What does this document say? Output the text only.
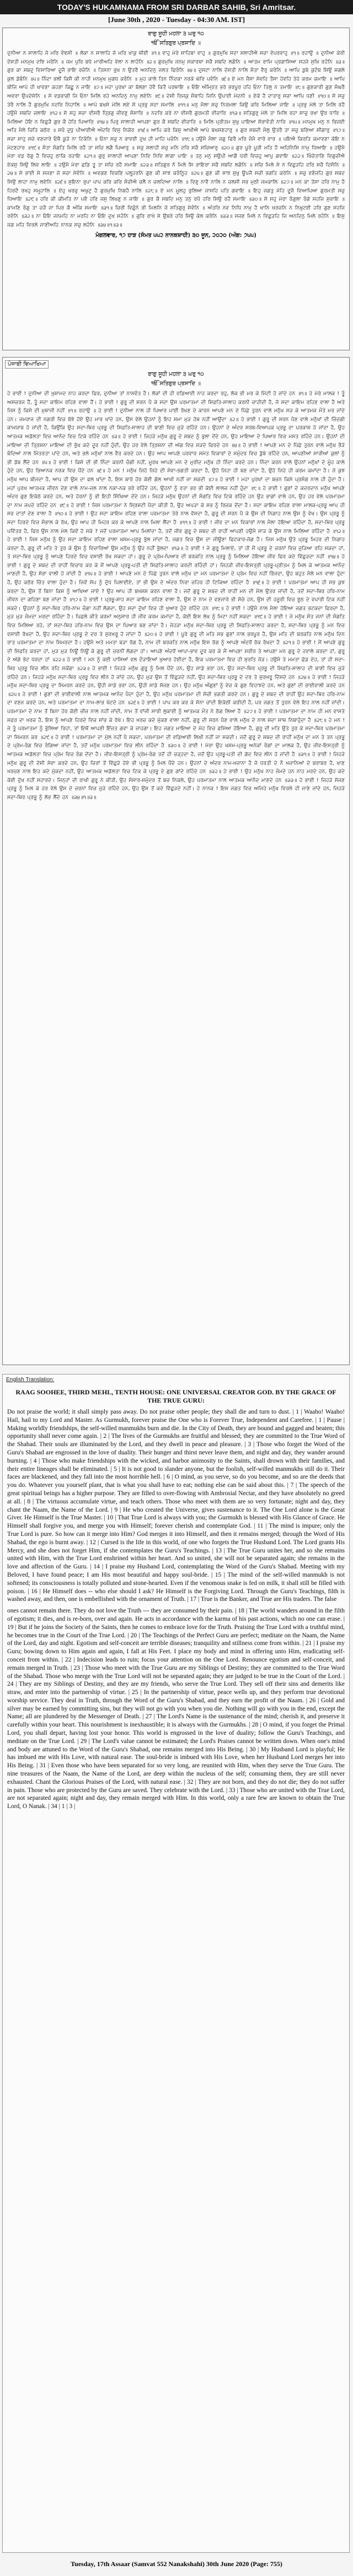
TODAY'S HUKAMNAMA FROM SRI DARBAR SAHIB, Sri Amritsar.
[June 30th , 2020 - Tuesday - 04:30 AM. IST]
ਰਾਗੁ ਸੂਹੀ ਮਹਲਾ ੩ ਘਰੁ ੧੦
ੴ ਸਤਿਗੁਰ ਪ੍ਰਸਾਦਿ ॥
ਦੁਨੀਆ ਨ ਸਾਲਾਹਿ ਜੋ ਮਰਿ ਵੰਞਸੀ ॥ ਲੋਕਾ ਨ ਸਾਲਾਹਿ ਜੋ ਮਰਿ ਖਾਕੁ ਥੀਈ ॥੧॥ ਵਾਹੁ ਮੇਰੇ ਸਾਹਿਬਾ ਵਾਹੁ ॥ ਗੁਰਮੁਖਿ ਸਦਾ ਸਲਾਹੀਐ ਸਚਾ ਵੇਪਰਵਾਹੁ ॥੧॥ ਰਹਾਉ ॥ ਦੁਨੀਆ ਕੇਰੀ ਦੋਸਤੀ ਮਨਮੁਖ ਦਝਿ ਮਰੰਨਿ ॥ ਜਮ ਪੁਰਿ ਬਧੇ ਮਾਰੀਅਹਿ ਵੇਲਾ ਨ ਲਾਹੰਨਿ ॥੨॥ ਗੁਰਮੁਖਿ ਜਨਮੁ ਸਕਾਰਥਾ ਸਚੈ ਸਬਦਿ ਲਗੰਨਿ ॥ ਆਤਮ ਰਾਮਿ ਪ੍ਰਗਾਸਿਆ ਸਹਜੇ ਸੁਖਿ ਰਹੰਨਿ ॥੩॥ ਗੁਰ ਕਾ ਸਬਦੁ ਵਿਸਾਰਿਆ ਦੂਜੈ ਭਾਇ ਰਚੰਨਿ ॥ ਤਿਸਨਾ ਭੁਖ ਨ ਉਤਰੈ ਅਨਦਿਨੁ ਜਲਤ ਫਿਰੰਨਿ ॥੪॥ ਦੁਸਟਾ ਨਾਲਿ ਦੋਸਤੀ ਨਾਲਿ ਸੰਤਾ ਵੈਰੁ ਕਰੰਨਿ ॥ ਆਪਿ ਡੁਬੇ ਕੁਟੰਬ ਸਿਉ ਸਗਲੇ ਕੁਲ ਡੋਬੰਨਿ ॥੫॥ ਨਿੰਦਾ ਭਲੀ ਕਿਸੈ ਕੀ ਨਾਹੀ ਮਨਮੁਖ ਮੁਗਧ ਕਰੰਨਿ ॥ ਮੁਹ ਕਾਲੇ ਤਿਨ ਨਿੰਦਕਾ ਨਰਕੇ ਘੋਰਿ ਪਵੰਨਿ ॥੬॥ ਏ ਮਨ ਜੈਸਾ ਸੇਵਹਿ ਤੈਸਾ ਹੋਵਹਿ ਤੇਹੇ ਕਰਮ ਕਮਾਇ ॥ ਆਪਿ ਬੀਜਿ ਆਪੇ ਹੀ ਖਾਵਣਾ ਕਹਣਾ ਕਿਛੂ ਨ ਜਾਇ ॥੭॥ ਮਹਾ ਪੁਰਖਾ ਕਾ ਬੋਲਣਾ ਹੋਵੈ ਕਿਤੈ ਪਰਥਾਇ ॥ ਓਇ ਅੰਮ੍ਰਿਤ ਭਰੇ ਭਰਪੂਰ ਹਹਿ ਓਨਾ ਤਿਲੁ ਨ ਤਮਾਇ ॥੮॥ ਗੁਣਕਾਰੀ ਗੁਣ ਸੰਘਰੈ ਅਵਰਾ ਉਪਦੇਸੇਨਿ ॥ ਸੇ ਵਡਭਾਗੀ ਜਿ ਓਨਾ ਮਿਲਿ ਰਹੇ ਅਨਦਿਨੁ ਨਾਮੁ ਲਏਨਿ ॥੯॥ ਦੇਸੀ ਰਿਜਕੁ ਸੰਬਾਹਿ ਜਿਨਿ ਉਪਾਈ ਮੇਦਨੀ ॥ ਏਕੋ ਹੈ ਦਾਤਾਰੁ ਸਚਾ ਆਪਿ ਧਣੀ ॥੧੦॥ ਸੋ ਸਚੁ ਤੇਰੈ ਨਾਲਿ ਹੈ ਗੁਰਮੁਖਿ ਨਦਰਿ ਨਿਹਾਲਿ ॥ ਆਪੇ ਬਖਸੇ ਮੇਲਿ ਲਏ ਸੋ ਪ੍ਰਭੁ ਸਦਾ ਸਮਾਲਿ ॥੧੧॥ ਮਨੁ ਮੈਲਾ ਸਚੁ ਨਿਰਮਲਾ ਕਿਉ ਕਰਿ ਮਿਲਿਆ ਜਾਇ ॥ ਪ੍ਰਭੁ ਮੇਲੇ ਤਾ ਮਿਲਿ ਰਹੈ ਹਉਮੈ ਸਬਦਿ ਜਲਾਇ ॥੧੨॥ ਸੋ ਸਹੁ ਸਚਾ ਵੀਸਰੈ ਧ੍ਰਿਗੁ ਜੀਵਣੁ ਸੰਸਾਰਿ ॥ ਨਦਰਿ ਕਰੇ ਨਾ ਵੀਸਰੈ ਗੁਰਮਤੀ ਵੀਚਾਰਿ ॥੧੩॥ ਸਤਿਗੁਰੁ ਮੇਲੇ ਤਾ ਮਿਲਿ ਰਹਾ ਸਾਚੁ ਰਖਾ ਉਰ ਧਾਰਿ ॥ ਮਿਲਿਆ ਹੋਇ ਨ ਵਿਛੁੜੈ ਗੁਰ ਕੈ ਹੇਤਿ ਪਿਆਰਿ ॥੧੪॥ ਪਿਰੁ ਸਾਲਾਹੀ ਆਪਣਾ ਗੁਰ ਕੈ ਸਬਦਿ ਵੀਚਾਰਿ ॥ ਮਿਲਿ ਪ੍ਰੀਤਮ ਸੁਖੁ ਪਾਇਆ ਸੋਭਾਵੰਤੀ ਨਾਰਿ ॥੧੫॥ ਮਨਮੁਖ ਮਨੁ ਨ ਭਿਜਈ ਅਤਿ ਮੈਲੇ ਚਿਤਿ ਕਠੋਰ ॥ ਸਪੈ ਦੁਧੁ ਪੀਆਈਐ ਅੰਦਰਿ ਵਿਸੁ ਨਿਕੋਰ ॥੧੬॥ ਆਪਿ ਕਰੇ ਕਿਸੁ ਆਖੀਐ ਆਪੇ ਬਖਸਣਹਾਰੁ ॥ ਗੁਰ ਸਬਦੀ ਮੈਲੁ ਉਤਰੈ ਤਾ ਸਚੁ ਬਣਿਆ ਸੀਗਾਰੁ ॥੧੭॥ ਸਚਾ ਸਾਹੁ ਸਚੇ ਵਣਜਾਰੇ ਓਥੈ ਕੂੜੇ ਨਾ ਟਿਕੰਨਿ ॥ ਓਨਾ ਸਚੁ ਨ ਭਾਵਈ ਦੁਖ ਹੀ ਮਾਹਿ ਪਚੰਨਿ ॥੧੮॥ ਹਉਮੈ ਮੈਲਾ ਜਗੁ ਫਿਰੈ ਮਰਿ ਜੰਮੈ ਵਾਰੋ ਵਾਰ ॥ ਪਇਐ ਕਿਰਤਿ ਕਮਾਵਣਾ ਕੋਇ ਨ ਮੇਟਣਹਾਰ ॥੧੯॥ ਸੰਤਾ ਸੰਗਤਿ ਮਿਲਿ ਰਹੈ ਤਾ ਸਚਿ ਲਗੈ ਪਿਆਰੁ ॥ ਸਚੁ ਸਲਾਹੀ ਸਚੁ ਮਨਿ ਦਰਿ ਸਚੈ ਸਚਿਆਰੁ ॥੨੦॥ ਗੁਰ ਪੂਰੇ ਪੂਰੀ ਮਤਿ ਹੈ ਅਹਿਨਿਸਿ ਨਾਮੁ ਧਿਆਇ ॥ ਹਉਮੈ ਮੇਰਾ ਵਡ ਰੋਗੁ ਹੈ ਵਿਚਹੁ ਠਾਕਿ ਰਹਾਇ ॥੨੧॥ ਗੁਰੁ ਸਾਲਾਹੀ ਆਪਣਾ ਨਿਵਿ ਨਿਵਿ ਲਾਗਾ ਪਾਇ ॥ ਤਨੁ ਮਨੁ ਸਉਪੀ ਆਗੈ ਧਰੀ ਵਿਚਹੁ ਆਪੁ ਗਵਾਇ ॥੨੨॥ ਖਿੰਚੋਤਾਣਿ ਵਿਗੁਚੀਐ ਏਕਸੁ ਸਿਉ ਲਿਵ ਲਾਇ ॥ ਹਉਮੈ ਮੇਰਾ ਛਡਿ ਤੂ ਤਾ ਸਚਿ ਰਹੈ ਸਮਾਇ ॥੨੩॥ ਸਤਿਗੁਰ ਨੋ ਮਿਲੇ ਸਿ ਭਾਇਰਾ ਸਚੈ ਸਬਦਿ ਲਗੰਨਿ ॥ ਸਚਿ ਮਿਲੇ ਸੇ ਨ ਵਿਛੁੜਹਿ ਦਰਿ ਸਚੈ ਦਿਸੰਨਿ ॥੨੪॥ ਸੇ ਭਾਈ ਸੇ ਸਜਣਾ ਜੋ ਸਚਾ ਸੇਵੰਨਿ ॥ ਅਵਗਣ ਵਿਕਣਿ ਪਲ੍ਹ੍ਹਰਨਿ ਗੁਣ ਕੀ ਸਾਝ ਕਰੰਨ੍ਹ੍ਹਿ ॥੨੫॥ ਗੁਣ ਕੀ ਸਾਝ ਸੁਖੁ ਊਪਜੈ ਸਚੀ ਭਗਤਿ ਕਰੇਨਿ ॥ ਸਚੁ ਵਣੰਜਹਿ ਗੁਰ ਸਬਦ ਸਿਉ ਲਾਹਾ ਨਾਮੁ ਲਏਨਿ ॥੨੬॥ ਸੁਇਨਾ ਰੁਪਾ ਪਾਪ ਕਰਿ ਕਰਿ ਸੰਚੀਐ ਚਲੈ ਨ ਚਲਦਿਆ ਨਾਲਿ ॥ ਵਿਣੁ ਨਾਵੈ ਨਾਲਿ ਨ ਚਲਸੀ ਸਭ ਮੁਠੀ ਜਮਕਾਲਿ ॥੨੭॥ ਮਨ ਕਾ ਤੋਸਾ ਹਰਿ ਨਾਮੁ ਹੈ ਹਿਰਦੈ ਰਖਹੁ ਸਮ੍ਹ੍ਹਾਲਿ ॥ ਏਹੁ ਖਰਚੁ ਅਖੁਟੁ ਹੈ ਗੁਰਮੁਖਿ ਨਿਬਹੈ ਨਾਲਿ ॥੨੮॥ ਏ ਮਨ ਮੂਲਹੁ ਭੁਲਿਆ ਜਾਸਹਿ ਪਤਿ ਗਵਾਇ ॥ ਇਹੁ ਜਗਤੁ ਮੋਹਿ ਦੂਜੈ ਵਿਆਪਿਆ ਗੁਰਮਤੀ ਸਚੁ ਧਿਆਇ ॥੨੯॥ ਹਰਿ ਕੀ ਕੀਮਤਿ ਨਾ ਪਵੈ ਹਰਿ ਜਸੁ ਲਿਖਣੁ ਨ ਜਾਇ ॥ ਗੁਰ ਕੈ ਸਬਦਿ ਮਨੁ ਤਨੁ ਰਪੈ ਹਰਿ ਸਿਉ ਰਹੈ ਸਮਾਇ ॥੩੦॥ ਸੋ ਸਹੁ ਮੇਰਾ ਰੰਗੁਲਾ ਰੰਗੇ ਸਹਜਿ ਸੁਭਾਇ ॥ ਕਾਮਣਿ ਰੰਗੁ ਤਾ ਚੜੈ ਜਾ ਪਿਰ ਕੈ ਅੰਕਿ ਸਮਾਇ ॥੩੧॥ ਚਿਰੀ ਵਿਛੁੰਨੇ ਭੀ ਮਿਲਨਿ ਜੋ ਸਤਿਗੁਰੁ ਸੇਵੰਨਿ ॥ ਅੰਤਰਿ ਨਵ ਨਿਧਿ ਨਾਮੁ ਹੈ ਖਾਨਿ ਖਰਚਨਿ ਨ ਨਿਖੁਟਈ ਹਰਿ ਗੁਣ ਸਹਜਿ ਰਵੰਨਿ ॥੩੨॥ ਨਾ ਓਇ ਜਨਮਹਿ ਨਾ ਮਰਹਿ ਨਾ ਓਇ ਦੁਖ ਸਹੰਨਿ ॥ ਗੁਰਿ ਰਾਖੇ ਸੇ ਉਬਰੇ ਹਰਿ ਸਿਉ ਕੇਲ ਕਰੰਨਿ ॥੩੩॥ ਸਜਣ ਮਿਲੇ ਨ ਵਿਛੁੜਹਿ ਜਿ ਅਨਦਿਨੁ ਮਿਲੇ ਰਹੰਨਿ ॥ ਇਸੁ ਜਗ ਮਹਿ ਵਿਰਲੇ ਜਾਣੀਅਹਿ ਨਾਨਕ ਸਚੁ ਲਹੰਨਿ ॥੩੪॥੧॥੩॥
ਮੰਗਲਵਾਰ, ੧੭ ਹਾੜ (ਸੰਮਤ ੫੫੨ ਨਾਨਕਸ਼ਾਹੀ) ੩੦ ਜੂਨ, ੨੦੨੦ (ਅੰਗ: ੭੫੫)
ਪੰਜਾਬੀ ਵਿਆਖਿਆ
ਰਾਗੁ ਸੂਹੀ ਮਹਲਾ ੩ ਘਰੁ ੧੦
ੴ ਸਤਿਗੁਰ ਪ੍ਰਸਾਦਿ ॥
ਹੇ ਭਾਈ ! ਦੁਨੀਆ ਦੀ ਖ਼ੁਸ਼ਾਮਦ ਨਾਹ ਕਰਦਾ ਫਿਰ, ਦੁਨੀਆ ਤਾਂ ਨਾਸਵੰਤ ਹੈ। ਲੋਕਾਂ ਦੀ ਹੀ ਵਡਿਆਈ ਨਾਹ ਕਰਦਾ ਰਹੁ, ਲੋਕ ਭੀ ਮਰ ਕੇ ਮਿੱਟੀ ਹੋ ਜਾਂਦੇ ਹਨ ॥੧॥ ਹੇ ਮੇਰੇ ਮਾਲਕ ! ਤੂੰ ਅਸਚਰਜ ਹੈਂ, ਤੂੰ ਸਦਾ ਕਾਇਮ ਰਹਿਣ ਵਾਲਾ ਹੈਂ। ਹੇ ਭਾਈ ! ਗੁਰੂ ਦੀ ਸਰਨ ਪੈ ਕੇ ਸਦਾ ਉਸ ਪਰਮਾਤਮਾ ਦੀ ਸਿਫ਼ਤਿ-ਸਾਲਾਹ ਕਰਨੀ ਚਾਹੀਦੀ ਹੈ, ਜੋ ਸਦਾ ਕਾਇਮ ਰਹਿਣ ਵਾਲਾ ਹੈ ਅਤੇ ਜਿਸ ਨੂੰ ਕਿਸੇ ਦੀ ਮੁਥਾਜੀ ਨਹੀਂ ॥੧॥ ਰਹਾਉ ॥ ਹੇ ਭਾਈ ! ਦੁਨੀਆ ਨਾਲ ਹੀ ਪਿਆਰ ਪਾਈ ਰੱਖਣ ਦੇ ਕਾਰਨ ਆਪਣੇ ਮਨ ਦੇ ਪਿੱਛੇ ਤੁਰਨ ਵਾਲੇ ਮਨੁੱਖ ਸੜ ਕੇ ਆਤਮਕ ਮੌਤੇ ਮਰ ਜਾਂਦੇ ਹਨ। ਜਮਰਾਜ ਦੀ ਨਗਰੀ ਵਿਚ ਬੱਝੇ ਹੋਏ ਉਹ ਮਾਰ ਖਾਂਦੇ ਹਨ, ਉਸ ਵੇਲੇ ਉਹਨਾਂ ਨੂੰ ਇਹ ਸਮਾ ਮੁੜ ਹੱਥ ਨਹੀਂ ਆਉਂਦਾ ॥੨॥ ਹੇ ਭਾਈ ! ਗੁਰੂ ਦੀ ਸਰਨ ਪੈਣ ਵਾਲੇ ਮਨੁੱਖਾਂ ਦੀ ਜ਼ਿੰਦਗੀ ਕਾਮਯਾਬ ਹੋ ਜਾਂਦੀ ਹੈ, ਕਿਉਂਕਿ ਉਹ ਸਦਾ-ਥਿਰ ਪ੍ਰਭੂ ਦੀ ਸਿਫ਼ਤਿ-ਸਾਲਾਹ ਦੀ ਬਾਣੀ ਵਿਚ ਜੁੜੇ ਰਹਿੰਦੇ ਹਨ। ਉਹਨਾਂ ਦੇ ਅੰਦਰ ਸਰਬ-ਵਿਆਪਕ ਪ੍ਰਭੂ ਦਾ ਪਰਕਾਸ਼ ਹੋ ਜਾਂਦਾ ਹੈ, ਉਹ ਆਤਮਕ ਅਡੋਲਤਾ ਵਿਚ ਆਨੰਦ ਵਿਚ ਟਿਕੇ ਰਹਿੰਦੇ ਹਨ ॥੩॥ ਹੇ ਭਾਈ ! ਜਿਹੜੇ ਮਨੁੱਖ ਗੁਰੂ ਦੇ ਸ਼ਬਦ ਨੂੰ ਭੁਲਾ ਦੇਂਦੇ ਹਨ, ਉਹ ਮਾਇਆ ਦੇ ਪਿਆਰ ਵਿਚ ਮਸਤ ਰਹਿੰਦੇ ਹਨ। ਉਹਨਾਂ ਦੀ ਮਾਇਆ ਦੀ ਤ੍ਰਿਸ਼ਨਾ ਮਾਇਆ ਦੀ ਭੁੱਖ ਕਦੇ ਦੂਰ ਨਹੀਂ ਹੁੰਦੀ, ਉਹ ਹਰ ਵੇਲੇ ਤ੍ਰਿਸ਼ਨਾ ਦੀ ਅੱਗ ਵਿਚ ਸੜਦੇ ਫਿਰਦੇ ਹਨ ॥੪॥ ਹੇ ਭਾਈ ! ਆਪਣੇ ਮਨ ਦੇ ਪਿੱਛੇ ਤੁਰਨ ਵਾਲੇ ਮਨੁੱਖ ਭੈੜੇ ਬੰਦਿਆਂ ਨਾਲ ਮਿੱਤਰਤਾ ਪਾਂਦੇ ਹਨ, ਅਤੇ ਭਲੇ ਮਨੁੱਖਾਂ ਨਾਲ ਵੈਰ ਕਰਦੇ ਹਨ। ਉਹ ਆਪ ਆਪਣੇ ਪਰਵਾਰ ਸਮੇਤ ਵਿਕਾਰਾਂ ਦੇ ਸਮੁੰਦਰ ਵਿਚ ਡੁੱਬੇ ਰਹਿੰਦੇ ਹਨ, ਆਪਣੀਆਂ ਸਾਰੀਆਂ ਕੁਲਾਂ ਨੂੰ ਭੀ ਡੋਬ ਲੈਂਦੇ ਹਨ ॥੫॥ ਹੇ ਭਾਈ ! ਕਿਸੇ ਦੀ ਭੀ ਨਿੰਦਾ ਕਰਨੀ ਚੰਗੀ ਨਹੀਂ, ਮੂਰਖ ਆਪਣੇ ਮਨ ਦੇ ਮੁਰੀਦ ਮਨੁੱਖ ਹੀ ਨਿੰਦਾ ਕਰਦੇ ਹਨ। ਨਿੰਦਾ ਕਰਨ ਵਾਲੇ ਉਹਨਾਂ ਮਨੁੱਖਾਂ ਦੇ ਮੂੰਹ ਕਾਲੇ ਹੁੰਦੇ ਹਨ, ਉਹ ਭਿਆਨਕ ਨਰਕ ਵਿਚ ਪੈਂਦੇ ਹਨ ॥੬॥ ਹੇ ਮਨ ! ਮਨੁੱਖ ਜਿਹੋ ਜਿਹੇ ਦੀ ਸੇਵਾ-ਭਗਤੀ ਕਰਦਾ ਹੈ, ਉਹੋ ਜਿਹਾ ਹੀ ਬਣ ਜਾਂਦਾ ਹੈ, ਉਹੋ ਜਿਹੇ ਹੀ ਕਰਮ ਕਮਾਂਦਾ ਹੈ। ਜੋ ਕੁਝ ਮਨੁੱਖ ਆਪ ਬੀਜਦਾ ਹੈ, ਆਪ ਹੀ ਉਸ ਦਾ ਫਲ ਖਾਂਦਾ ਹੈ, ਇਸ ਬਾਰੇ ਹੋਰ ਕੋਈ ਗੱਲ ਆਖੀ ਨਹੀਂ ਜਾ ਸਕਦੀ ॥੭॥ ਹੇ ਭਾਈ ! ਮਹਾ ਪੁਰਖਾਂ ਦਾ ਬਚਨ ਕਿਸੇ ਪ੍ਰਸੰਗ ਨਾਲ ਹੀ ਹੁੰਦਾ ਹੈ। ਮਹਾਂ ਪੁਰਖ ਆਤਮਕ ਜੀਵਨ ਦੇਣ ਵਾਲੇ ਨਾਮ-ਜਲ ਨਾਲ ਨਕਾ-ਨਕ ਭਰੇ ਰਹਿੰਦੇ ਹਨ, ਉਹਨਾਂ ਨੂੰ ਰਤਾ ਭਰ ਭੀ ਕੋਈ ਲਾਲਚ ਨਹੀਂ ਹੁੰਦਾ ॥੮॥ ਹੇ ਭਾਈ ! ਗੁਣਾਂ ਦੇ ਕਦਰਦਾਨ ਮਨੁੱਖ ਆਪਣੇ ਅੰਦਰ ਗੁਣ ਇਕੱਠੇ ਕਰਦੇ ਹਨ, ਅਤੇ ਹੋਰਨਾਂ ਨੂੰ ਭੀ ਇਹੀ ਸਿੱਖਿਆ ਦੇਂਦੇ ਹਨ। ਜਿਹੜੇ ਮਨੁੱਖ ਉਹਨਾਂ ਦੀ ਸੰਗਤਿ ਵਿਚ ਟਿਕੇ ਰਹਿੰਦੇ ਹਨ ਉਹ ਭਾਗਾਂ ਵਾਲੇ ਹਨ, ਉਹ ਹਰ ਵੇਲੇ ਪਰਮਾਤਮਾ ਦਾ ਨਾਮ ਜਪਦੇ ਰਹਿੰਦੇ ਹਨ ॥੯॥ ਹੇ ਭਾਈ ! ਜਿਸ ਪਰਮਾਤਮਾ ਨੇ ਸ੍ਰਿਸ਼ਟੀ ਪੈਦਾ ਕੀਤੀ ਹੈ, ਉਹ ਅਪੜਾ ਕੇ ਸਭ ਨੂੰ ਰਿਜ਼ਕ ਦੇਂਦਾ ਹੈ। ਸਦਾ ਕਾਇਮ ਰਹਿਣ ਵਾਲਾ ਮਾਲਕ-ਪ੍ਰਭੂ ਆਪ ਹੀ ਸਭ ਦਾਤਾਂ ਦੇਣ ਵਾਲਾ ਹੈ ॥੧੦॥ ਹੇ ਭਾਈ ! ਉਹ ਸਦਾ ਕਾਇਮ ਰਹਿਣ ਵਾਲਾ ਪਰਮਾਤਮਾ ਤੇਰੇ ਨਾਲ ਵੱਸਦਾ ਹੈ, ਗੁਰੂ ਦੀ ਸਰਨ ਪੈ ਕੇ ਉਸ ਦੀ ਨਿਗਾਹ ਨਾਲ ਉਸ ਨੂੰ ਵੇਖ। ਉਸ ਪ੍ਰਭੂ ਨੂੰ ਸਦਾ ਹਿਰਦੇ ਵਿਚ ਸੰਭਾਲ ਕੇ ਰੱਖ, ਉਹ ਆਪ ਹੀ ਮਿਹਰ ਕਰ ਕੇ ਆਪਣੇ ਨਾਲ ਮਿਲਾ ਲੈਂਦਾ ਹੈ ॥੧੧॥ ਹੇ ਭਾਈ ! ਜੀਵ ਦਾ ਮਨ ਵਿਕਾਰਾਂ ਨਾਲ ਮੈਲਾ ਹੋਇਆ ਰਹਿੰਦਾ ਹੈ, ਸਦਾ-ਥਿਰ ਪ੍ਰਭੂ ਪਵਿੱਤਰ ਹੈ, ਫਿਰ ਉਸ ਨਾਲ ਮੇਲ ਕਿਵੇਂ ਹੋ ਸਕੇ ? ਜਦੋਂ ਪਰਮਾਤਮਾ ਆਪ ਮਿਲਾਂਦਾ ਹੈ, ਤਦੋਂ ਜੀਵ ਗੁਰੂ ਦੇ ਸ਼ਬਦ ਦੀ ਰਾਹੀਂ ਆਪਣੀ ਹਉਮੈ ਸਾੜ ਕੇ ਉਸ ਨਾਲ ਮਿਲਿਆ ਰਹਿੰਦਾ ਹੈ ॥੧੨॥ ਹੇ ਭਾਈ ! ਜਿਸ ਮਨੁੱਖ ਨੂੰ ਉਹ ਸਦਾ ਕਾਇਮ ਰਹਿਣ ਵਾਲਾ ਖਸਮ-ਪ੍ਰਭੂ ਭੁੱਲ ਜਾਂਦਾ ਹੈ, ਜਗਤ ਵਿਚ ਉਸ ਦਾ ਜੀਊਣਾ ਫਿਟਕਾਰ-ਜੋਗ ਹੈ। ਜਿਸ ਮਨੁੱਖ ਉਤੇ ਪ੍ਰਭੂ ਮਿਹਰ ਦੀ ਨਿਗਾਹ ਕਰਦਾ ਹੈ, ਗੁਰੂ ਦੀ ਮਤਿ ਤੇ ਤੁਰ ਕੇ ਉਸ ਨੂੰ ਵਿਚਾਰਿਆਂ ਉਸ ਮਨੁੱਖ ਨੂੰ ਉਹ ਨਹੀਂ ਭੁੱਲਦਾ ॥੧੩॥ ਹੇ ਭਾਈ ! ਜੇ ਗੁਰੂ ਮਿਲਾਏ, ਤਾਂ ਹੀ ਮੈਂ ਪ੍ਰਭੂ ਦੇ ਚਰਨਾਂ ਵਿਚ ਜੁੜਿਆ ਰਹਿ ਸਕਦਾ ਹਾਂ, ਤੇ ਸਦਾ-ਥਿਰ ਪ੍ਰਭੂ ਨੂੰ ਆਪਣੇ ਹਿਰਦੇ ਵਿਚ ਵਸਾਈ ਰੱਖ ਸਕਦਾ ਹਾਂ। ਗੁਰੂ ਦੇ ਪ੍ਰੇਮ-ਪਿਆਰ ਦੀ ਬਰਕਤਿ ਨਾਲ ਪ੍ਰਭੂ ਨੂੰ ਮਿਲਿਆ ਹੋਇਆ ਜੀਵ ਫਿਰ ਕਦੇ ਵਿੱਛੁੜਦਾ ਨਹੀਂ ॥੧੪॥ ਹੇ ਭਾਈ ! ਗੁਰੂ ਦੇ ਸ਼ਬਦ ਦੀ ਰਾਹੀਂ ਵਿਚਾਰ ਕਰ ਕੇ ਮੈਂ ਆਪਣੇ ਪ੍ਰਭੂ-ਪਤੀ ਦੀ ਸਿਫ਼ਤਿ-ਸਾਲਾਹ ਕਰਦੀ ਰਹਿੰਦੀ ਹਾਂ। ਜਿਹੜੀ ਜੀਵ-ਇਸਤ੍ਰੀ ਪ੍ਰਭੂ-ਪ੍ਰੀਤਮ ਨੂੰ ਮਿਲ ਕੇ ਆਤਮਕ ਆਨੰਦ ਮਾਣਦੀ ਹੈ, ਉਹ ਸੋਭਾ ਵਾਲੀ ਹੋ ਜਾਂਦੀ ਹੈ ॥੧੫॥ ਹੇ ਭਾਈ ! ਆਪਣੇ ਮਨ ਦੇ ਪਿੱਛੇ ਤੁਰਨ ਵਾਲੇ ਮਨੁੱਖ ਦਾ ਮਨ ਪਰਮਾਤਮਾ ਦੇ ਪ੍ਰੇਮ ਵਿਚ ਨਹੀਂ ਭਿੱਜਦਾ, ਉਹ ਬਹੁਤ ਮੈਲੇ ਮਨ ਵਾਲਾ ਹੁੰਦਾ ਹੈ, ਉਹ ਕਠੋਰ ਚਿੱਤ ਵਾਲਾ ਹੁੰਦਾ ਹੈ। ਜਿਵੇਂ ਸੱਪ ਨੂੰ ਦੁੱਧ ਪਿਲਾਈਏ, ਤਾਂ ਭੀ ਉਸ ਦੇ ਅੰਦਰ ਨਿਰਾ ਜ਼ਹਿਰ ਹੀ ਟਿਕਿਆ ਰਹਿੰਦਾ ਹੈ ॥੧੬॥ ਹੇ ਭਾਈ ! ਪਰਮਾਤਮਾ ਆਪ ਹੀ ਸਭ ਕੁਝ ਕਰਦਾ ਹੈ, ਉਸ ਤੋਂ ਬਿਨਾ ਕਿਸ ਨੂੰ ਆਖਿਆ ਜਾਏ ? ਉਹ ਆਪ ਹੀ ਬਖ਼ਸ਼ਸ਼ ਕਰਨ ਵਾਲਾ ਹੈ। ਜਦੋਂ ਗੁਰੂ ਦੇ ਸ਼ਬਦ ਦੀ ਰਾਹੀਂ ਮਨ ਦੀ ਮੈਲ ਉਤਰ ਜਾਂਦੀ ਹੈ, ਤਦੋਂ ਸਦਾ-ਥਿਰ ਹਰਿ-ਨਾਮ ਜੀਵਨ ਦਾ ਗਹਿਣਾ ਬਣ ਜਾਂਦਾ ਹੈ ॥੧੭॥ ਹੇ ਭਾਈ ! ਪ੍ਰਭੂ-ਸ਼ਾਹ ਸਦਾ ਕਾਇਮ ਰਹਿਣ ਵਾਲਾ ਹੈ, ਉਸ ਦੇ ਨਾਮ ਦੇ ਵਣਜਾਰੇ ਭੀ ਸੱਚੇ ਹਨ, ਉਸ ਦੀ ਹਜ਼ੂਰੀ ਵਿਚ ਝੂਠ ਦੇ ਵਪਾਰੀ ਟਿਕ ਨਹੀਂ ਸਕਦੇ। ਉਹਨਾਂ ਨੂੰ ਸਦਾ-ਥਿਰ ਹਰਿ-ਨਾਮ ਚੰਗਾ ਨਹੀਂ ਲੱਗਦਾ, ਉਹ ਸਦਾ ਦੁੱਖਾਂ ਵਿਚ ਹੀ ਖ਼ੁਆਰ ਹੁੰਦੇ ਰਹਿੰਦੇ ਹਨ ॥੧੮॥ ਹੇ ਭਾਈ ! ਹਉਮੈ ਨਾਲ ਮੈਲਾ ਹੋਇਆ ਜਗਤ ਭਟਕਦਾ ਫਿਰਦਾ ਹੈ, ਮੁੜ ਮੁੜ ਜੰਮਦਾ ਮਰਦਾ ਰਹਿੰਦਾ ਹੈ। ਪਿਛਲੇ ਕੀਤੇ ਕਰਮਾਂ ਅਨੁਸਾਰ ਹੀ ਜੀਵ ਕਰਮ ਕਮਾਂਦਾ ਹੈ, ਕੋਈ ਇਸ ਲੇਖ ਨੂੰ ਮਿਟਾ ਨਹੀਂ ਸਕਦਾ ॥੧੯॥ ਹੇ ਭਾਈ ! ਜੇ ਮਨੁੱਖ ਸੰਤ ਜਨਾਂ ਦੀ ਸੰਗਤਿ ਵਿਚ ਮਿਲਿਆ ਰਹੇ, ਤਾਂ ਸਦਾ-ਥਿਰ ਹਰਿ-ਨਾਮ ਵਿਚ ਉਸ ਦਾ ਪਿਆਰ ਬਣ ਜਾਂਦਾ ਹੈ। ਜੇਹੜਾ ਮਨੁੱਖ ਸਦਾ-ਥਿਰ ਪ੍ਰਭੂ ਦੀ ਸਿਫ਼ਤਿ-ਸਾਲਾਹ ਕਰਦਾ ਹੈ, ਸਦਾ-ਥਿਰ ਪ੍ਰਭੂ ਨੂੰ ਮਨ ਵਿਚ ਵਸਾਈ ਰੱਖਦਾ ਹੈ, ਉਹ ਸਦਾ-ਥਿਰ ਪ੍ਰਭੂ ਦੇ ਦਰ ਤੇ ਸੁਰਖ਼ਰੂ ਹੋ ਜਾਂਦਾ ਹੈ ॥੨੦॥ ਹੇ ਭਾਈ ! ਪੂਰੇ ਗੁਰੂ ਦੀ ਮਤਿ ਸਭ ਗੁਣਾਂ ਨਾਲ ਭਰਪੂਰ ਹੈ, ਉਸ ਮਤਿ ਦੀ ਬਰਕਤਿ ਨਾਲ ਮਨੁੱਖ ਦਿਨ ਰਾਤ ਪਰਮਾਤਮਾ ਦਾ ਨਾਮ ਸਿਮਰਦਾ ਹੈ। ਹਉਮੈ ਅਤੇ ਮਮਤਾ ਬੜਾ ਰੋਗ ਹੈ, ਨਾਮ ਦੀ ਬਰਕਤਿ ਨਾਲ ਮਨੁੱਖ ਇਸ ਰੋਗ ਨੂੰ ਆਪਣੇ ਅੰਦਰੋਂ ਰੋਕ ਰੱਖਦਾ ਹੈ ॥੨੧॥ ਹੇ ਭਾਈ ! ਮੈਂ ਆਪਣੇ ਗੁਰੂ ਦੀ ਸਿਫ਼ਤਿ ਕਰਦਾ ਹਾਂ, ਮੁੜ ਮੁੜ ਨਿਊਂ ਨਿਊਂ ਕੇ ਗੁਰੂ ਦੀ ਚਰਨੀਂ ਲੱਗਦਾ ਹਾਂ। ਆਪਣੇ ਅੰਦਰੋਂ ਆਪਾ-ਭਾਵ ਦੂਰ ਕਰ ਕੇ ਮੈਂ ਆਪਣਾ ਸਰੀਰ ਤੇ ਆਪਣਾ ਮਨ ਗੁਰੂ ਦੇ ਹਵਾਲੇ ਕਰਦਾ ਹਾਂ, ਗੁਰੂ ਦੇ ਅੱਗੇ ਭੇਟ ਧਰਦਾ ਹਾਂ ॥੨੨॥ ਹੇ ਭਾਈ ! ਮਨ ਨੂੰ ਕਈ ਪਾਸਿਆਂ ਵਲ ਦੌੜਾਇਆਂ ਖ਼ੁਆਰ ਹੋਈਦਾ ਹੈ, ਇਕ ਪਰਮਾਤਮਾ ਵਿਚ ਹੀ ਸੁਰਤਿ ਜੋੜ। ਹਉਮੈ ਤੇ ਮਮਤਾ ਛੱਡ ਦੇਹ, ਤਾਂ ਹੀ ਸਦਾ-ਥਿਰ ਪ੍ਰਭੂ ਵਿਚ ਲੀਨ ਰਹਿ ਸਕੇਂਗਾ ॥੨੩॥ ਹੇ ਭਾਈ ! ਜਿਹੜੇ ਮਨੁੱਖ ਗੁਰੂ ਨੂੰ ਮਿਲ ਪੈਂਦੇ ਹਨ, ਉਹ ਸਾਡੇ ਭਰਾ ਹਨ, ਉਹ ਸਦਾ-ਥਿਰ ਪ੍ਰਭੂ ਦੀ ਸਿਫ਼ਤਿ-ਸਾਲਾਹ ਦੀ ਬਾਣੀ ਵਿਚ ਜੁੜੇ ਰਹਿੰਦੇ ਹਨ। ਜਿਹੜੇ ਮਨੁੱਖ ਸਦਾ-ਥਿਰ ਪ੍ਰਭੂ ਵਿਚ ਲੀਨ ਹੋ ਜਾਂਦੇ ਹਨ, ਉਹ ਮੁੜ ਉਸ ਤੋਂ ਵਿੱਛੁੜਦੇ ਨਹੀਂ, ਉਹ ਸਦਾ-ਥਿਰ ਪ੍ਰਭੂ ਦੇ ਦਰ ਤੇ ਸੁਰਖ਼ਰੂ ਦਿੱਸਦੇ ਹਨ ॥੨੪॥ ਹੇ ਭਾਈ ! ਜਿਹੜੇ ਮਨੁੱਖ ਸਦਾ-ਥਿਰ ਪ੍ਰਭੂ ਦਾ ਸਿਮਰਨ ਕਰਦੇ ਹਨ, ਉਹੀ ਸਾਡੇ ਭਰਾ ਹਨ, ਉਹੀ ਸਾਡੇ ਸੱਜਣ ਹਨ। ਉਹ ਮਨੁੱਖ ਔਗੁਣਾਂ ਨੂੰ ਵੇਚ ਕੇ ਗੁਣ ਵਿਹਾਝਦੇ ਹਨ, ਅਤੇ ਗੁਣਾਂ ਦੀ ਭਾਈਵਾਲੀ ਕਰਦੇ ਹਨ ॥੨੫॥ ਹੇ ਭਾਈ ! ਗੁਣਾਂ ਦੀ ਭਾਈਵਾਲੀ ਨਾਲ ਆਤਮਕ ਆਨੰਦ ਪੈਦਾ ਹੁੰਦਾ ਹੈ, ਉਹ ਮਨੁੱਖ ਪਰਮਾਤਮਾ ਦੀ ਸੱਚੀ ਭਗਤੀ ਕਰਦੇ ਹਨ। ਗੁਰੂ ਦੇ ਸ਼ਬਦ ਦੀ ਰਾਹੀਂ ਉਹ ਸਦਾ-ਥਿਰ ਹਰਿ-ਨਾਮ ਦਾ ਵਣਜ ਕਰਦੇ ਹਨ, ਅਤੇ ਪਰਮਾਤਮਾ ਦਾ ਨਾਮ-ਲਾਭ ਖੱਟਦੇ ਹਨ ॥੨੬॥ ਹੇ ਭਾਈ ! ਪਾਪ ਕਰ ਕਰ ਕੇ ਸੋਨਾ ਚਾਂਦੀ ਇਕੱਠੀ ਕਰੀਦੀ ਹੈ, ਪਰ ਜਗਤ ਤੋਂ ਤੁਰਨ ਵੇਲੇ ਇਹ ਨਾਲ ਨਹੀਂ ਜਾਂਦੀ। ਪਰਮਾਤਮਾ ਦੇ ਨਾਮ ਤੋਂ ਬਿਨਾ ਹੋਰ ਕੋਈ ਚੀਜ਼ ਨਾਲ ਨਹੀਂ ਜਾਂਦੀ, ਨਾਮ ਤੋਂ ਵਾਂਜੀ ਸਾਰੀ ਲੁਕਾਈ ਨੂੰ ਆਤਮਕ ਮੌਤ ਨੇ ਠੱਗ ਲਿਆ ਹੈ ॥੨੭॥ ਹੇ ਭਾਈ ! ਪਰਮਾਤਮਾ ਦਾ ਨਾਮ ਹੀ ਮਨ ਵਾਸਤੇ ਸਫ਼ਰ ਦਾ ਖ਼ਰਚ ਹੈ, ਇਸ ਨੂੰ ਆਪਣੇ ਹਿਰਦੇ ਵਿਚ ਸਾਂਭ ਕੇ ਰੱਖੋ। ਇਹ ਖ਼ਰਚ ਕਦੇ ਮੁੱਕਣ ਵਾਲਾ ਨਹੀਂ, ਗੁਰੂ ਦੀ ਸਰਨ ਪੈਣ ਵਾਲੇ ਮਨੁੱਖ ਦੇ ਨਾਲ ਸਦਾ ਸਾਥ ਨਿਬਾਹੁੰਦਾ ਹੈ ॥੨੮॥ ਹੇ ਮਨ ! ਜੇ ਤੂੰ ਪਰਮਾਤਮਾ ਨੂੰ ਭੁੱਲਿਆ ਰਿਹਾ, ਤਾਂ ਇਥੋਂ ਆਪਣੀ ਇੱਜ਼ਤ ਗਵਾ ਕੇ ਜਾਹਗਾ। ਇਹ ਜਗਤ ਮਾਇਆ ਦੇ ਮੋਹ ਵਿਚ ਫਸਿਆ ਹੋਇਆ ਹੈ, ਗੁਰੂ ਦੀ ਮਤਿ ਉਤੇ ਤੁਰ ਕੇ ਸਦਾ-ਥਿਰ ਪਰਮਾਤਮਾ ਦਾ ਸਿਮਰਨ ਕਰ ॥੨੯॥ ਹੇ ਭਾਈ ! ਪਰਮਾਤਮਾ ਦਾ ਮੁੱਲ ਨਹੀਂ ਪੈ ਸਕਦਾ, ਪਰਮਾਤਮਾ ਦੀ ਵਡਿਆਈ ਲਿਖੀ ਨਹੀਂ ਜਾ ਸਕਦੀ। ਜਦੋਂ ਗੁਰੂ ਦੇ ਸ਼ਬਦ ਦੀ ਰਾਹੀਂ ਮਨੁੱਖ ਦਾ ਮਨ ਤੇ ਤਨ ਪ੍ਰਭੂ ਦੇ ਪ੍ਰੇਮ-ਰੰਗ ਵਿਚ ਰੰਗਿਆ ਜਾਂਦਾ ਹੈ, ਤਦੋਂ ਮਨੁੱਖ ਪਰਮਾਤਮਾ ਵਿਚ ਲੀਨ ਰਹਿੰਦਾ ਹੈ ॥੩੦॥ ਹੇ ਭਾਈ ! ਮੇਰਾ ਉਹ ਖਸਮ-ਪ੍ਰਭੂ ਅਨੇਕਾਂ ਰੰਗਾਂ ਦਾ ਮਾਲਕ ਹੈ, ਉਹ ਜੀਵ-ਇਸਤ੍ਰੀ ਨੂੰ ਆਤਮਕ ਅਡੋਲਤਾ ਵਿਚ ਪ੍ਰੇਮ ਵਿਚ ਰੰਗ ਦੇਂਦਾ ਹੈ। ਜੀਵ-ਇਸਤ੍ਰੀ ਨੂੰ ਪ੍ਰੇਮ-ਰੰਗ ਤਦੋਂ ਹੀ ਚੜ੍ਹਦਾ ਹੈ, ਜਦੋਂ ਉਹ ਪ੍ਰਭੂ-ਪਤੀ ਦੀ ਗੋਦ ਵਿਚ ਲੀਨ ਹੋ ਜਾਂਦੀ ਹੈ ॥੩੧॥ ਹੇ ਭਾਈ ! ਜਿਹੜੇ ਮਨੁੱਖ ਗੁਰੂ ਦੀ ਦੱਸੀ ਸੇਵਾ ਕਰਦੇ ਹਨ, ਉਹ ਚਿਰਾਂ ਤੋਂ ਵਿੱਛੁੜੇ ਹੋਏ ਭੀ ਪ੍ਰਭੂ ਨੂੰ ਮਿਲ ਪੈਂਦੇ ਹਨ। ਉਹਨਾਂ ਦੇ ਅੰਦਰ ਨਾਮ-ਖ਼ਜ਼ਾਨਾ ਹੈ ਜੋ ਧਰਤੀ ਦੇ ਨੌ ਖ਼ਜ਼ਾਨਿਆਂ ਦੇ ਬਰਾਬਰ ਹੈ, ਖਾਣ ਖ਼ਰਚਣ ਨਾਲ ਇਹ ਕਦੇ ਮੁੱਕਦਾ ਨਹੀਂ, ਉਹ ਆਤਮਕ ਅਡੋਲਤਾ ਵਿਚ ਟਿਕ ਕੇ ਪ੍ਰਭੂ ਦੇ ਗੁਣ ਗਾਂਦੇ ਰਹਿੰਦੇ ਹਨ ॥੩੨॥ ਹੇ ਭਾਈ ! ਉਹ ਮਨੁੱਖ ਨਾਹ ਜੰਮਦੇ ਹਨ ਨਾਹ ਮਰਦੇ ਹਨ, ਉਹ ਕਦੇ ਕੋਈ ਦੁੱਖ ਨਹੀਂ ਸਹਾਰਦੇ। ਜਿਨ੍ਹਾਂ ਦੀ ਰਾਖੀ ਗੁਰੂ ਨੇ ਕੀਤੀ, ਉਹ ਸੰਸਾਰ-ਸਮੁੰਦਰ ਤੋਂ ਬਚ ਨਿਕਲੇ, ਉਹ ਪਰਮਾਤਮਾ ਨਾਲ ਆਤਮਕ ਆਨੰਦ ਮਾਣਦੇ ਹਨ ॥੩੩॥ ਹੇ ਭਾਈ ! ਜਿਹੜੇ ਸੱਜਣ ਪ੍ਰਭੂ ਨੂੰ ਮਿਲ ਕੇ ਹਰ ਵੇਲੇ ਉਸ ਦੇ ਚਰਨਾਂ ਵਿਚ ਜੁੜੇ ਰਹਿੰਦੇ ਹਨ, ਉਹ ਉਸ ਤੋਂ ਕਦੇ ਵਿੱਛੁੜਦੇ ਨਹੀਂ। ਹੇ ਨਾਨਕ ! ਇਸ ਜਗਤ ਵਿਚ ਅਜਿਹੇ ਮਨੁੱਖ ਵਿਰਲੇ ਹੀ ਜਾਣੇ ਜਾਂਦੇ ਹਨ, ਜਿਹੜੇ ਸਦਾ-ਥਿਰ ਪ੍ਰਭੂ ਨੂੰ ਲੱਭ ਲੈਂਦੇ ਹਨ ॥੩੪॥੧॥੩॥
English Translation:
RAAG SOOHEE, THIRD MEHL, TENTH HOUSE: ONE UNIVERSAL CREATOR GOD. BY THE GRACE OF THE TRUE GURU:
Do not praise the world; it shall simply pass away. Do not praise other people; they shall die and turn to dust. | 1 | Waaho! Waaho! Hail, hail to my Lord and Master. As Gurmukh, forever praise the One who is Forever True, Independent and Carefree. | 1 | Pause | Making worldly friendships, the self-willed manmukhs burn and die. In the City of Death, they are bound and gagged and beaten; this opportunity shall never come again. | 2 | The lives of the Gurmukhs are fruitful and blessed; they are committed to the True Word of the Shabad. Their souls are illuminated by the Lord, and they dwell in peace and pleasure. | 3 | Those who forget the Word of the Guru's Shabad are engrossed in the love of duality. Their hunger and thirst never leave them, and night and day, they wander around burning. | 4 | Those who make friendships with the wicked, and harbor animosity to the Saints, shall drown with their families, and their entire lineages shall be eliminated. | 5 | It is not good to slander anyone, but the foolish, self-willed manmukhs still do it. Their faces are blackened, and they fall into the most horrible hell. | 6 | O mind, as you serve, so do you become, and so are the deeds that you do. Whatever you yourself plant, that is what you shall have to eat; nothing else can be said about this. | 7 | The speech of the great spiritual beings has a higher purpose. They are filled to over-flowing with Ambrosial Nectar, and they have absolutely no greed at all. | 8 | The virtuous accumulate virtue, and teach others. Those who meet with them are so very fortunate; night and day, they chant the Naam, the Name of the Lord. | 9 | He who created the Universe, gives sustenance to it. The One Lord alone is the Great Giver. He Himself is the True Master. | 10 | That True Lord is always with you; the Gurmukh is blessed with His Glance of Grace. He Himself shall forgive you, and merge you with Himself; forever cherish and contemplate God. | 11 | The mind is impure; only the True Lord is pure. So how can it merge into Him? God merges it into Himself, and then it remains merged; through the Word of His Shabad, the ego is burnt away. | 12 | Cursed is the life in this world, of one who forgets the True Husband Lord. The Lord grants His Mercy, and she does not forget Him, if she contemplates the Guru's Teachings. | 13 | The True Guru unites her, and so she remains united with Him, with the True Lord enshrined within her heart. And so united, she will not be separated again; she remains in the love and affection of the Guru. | 14 | I praise my Husband Lord, contemplating the Word of the Guru's Shabad. Meeting with my Beloved, I have found peace; I am His most beautiful and happy soul-bride. | 15 | The mind of the self-willed manmukh is not softened; its consciousness is totally polluted and stone-hearted. Even if the venomous snake is fed on milk, it shall still be filled with poison. | 16 | He Himself does -- who else should I ask? He Himself is the Forgiving Lord. Through the Guru's Teachings, filth is washed away, and then, one is embellished with the ornament of Truth. | 17 | True is the Banker, and True are His traders. The false
ones cannot remain there. They do not love the Truth --- they are consumed by their pain. | 18 | The world wanders around in the filth of egotism; it dies, and is re-born, over and again. He acts in accordance with the karma of his past actions, which no one can erase. | 19 | But if he joins the Society of the Saints, then he comes to embrace love for the Truth. Praising the True Lord with a truthful mind, he becomes true in the Court of the True Lord. | 20 | The Teachings of the Perfect Guru are perfect; meditate on the Naam, the Name of the Lord, day and night. Egotism and self-conceit are terrible diseases; tranquility and stillness come from within. | 21 | I praise my Guru; bowing down to Him again and again, I fall at His Feet. I place my body and mind in offering unto Him, eradicating self-conceit from within. | 22 | Indecision leads to ruin; focus your attention on the One Lord. Renounce egotism and self-conceit, and remain merged in Truth. | 23 | Those who meet with the True Guru are my Siblings of Destiny; they are committed to the True Word of the Shabad. Those who merge with the True Lord will not be separated again; they are judged to be true in the Court of the Lord. | 24 | They are my Siblings of Destiny, and they are my friends, who serve the True Lord. They sell off their sins and demerits like straw, and enter into the partnership of virtue. | 25 | In the partnership of virtue, peace wells up, and they perform true devotional worship service. They deal in Truth, through the Word of the Guru's Shabad, and they earn the profit of the Naam. | 26 | Gold and silver may be earned by committing sins, but they will not go with you when you die. Nothing will go with you in the end, except the Name; all are plundered by the Messenger of Death. | 27 | The Lord's Name is the sustenance of the mind; cherish it, and preserve it carefully within your heart. This nourishment is inexhaustible; it is always with the Gurmukhs. | 28 | O mind, if you forget the Primal Lord, you shall depart, having lost your honor. This world is engrossed in the love of duality; follow the Guru's Teachings, and meditate on the True Lord. | 29 | The Lord's value cannot be estimated; the Lord's Praises cannot be written down. When one's mind and body are attuned to the Word of the Guru's Shabad, one remains merged into His Being. | 30 | My Husband Lord is playful; He has imbued me with His Love, with natural ease. The soul-bride is imbued with His Love, when her Husband Lord merges her into His Being. | 31 | Even those who have been separated for so very long, are reunited with Him, when they serve the True Guru. The nine treasures of the Naam, the Name of the Lord, are deep within the nucleus of the self; consuming them, they are still never exhausted. Chant the Glorious Praises of the Lord, with natural ease. | 32 | They are not born, and they do not die; they do not suffer in pain. Those who are protected by the Guru are saved. They celebrate with the Lord. | 33 | Those who are united with the True Lord, are not separated again; night and day, they remain merged with Him. In this world, only a rare few are known to obtain the True Lord, O Nanak. | 34 | 1 | 3 |
Tuesday, 17th Assaar (Samvat 552 Nanakshahi) 30th June 2020 (Page: 755)
